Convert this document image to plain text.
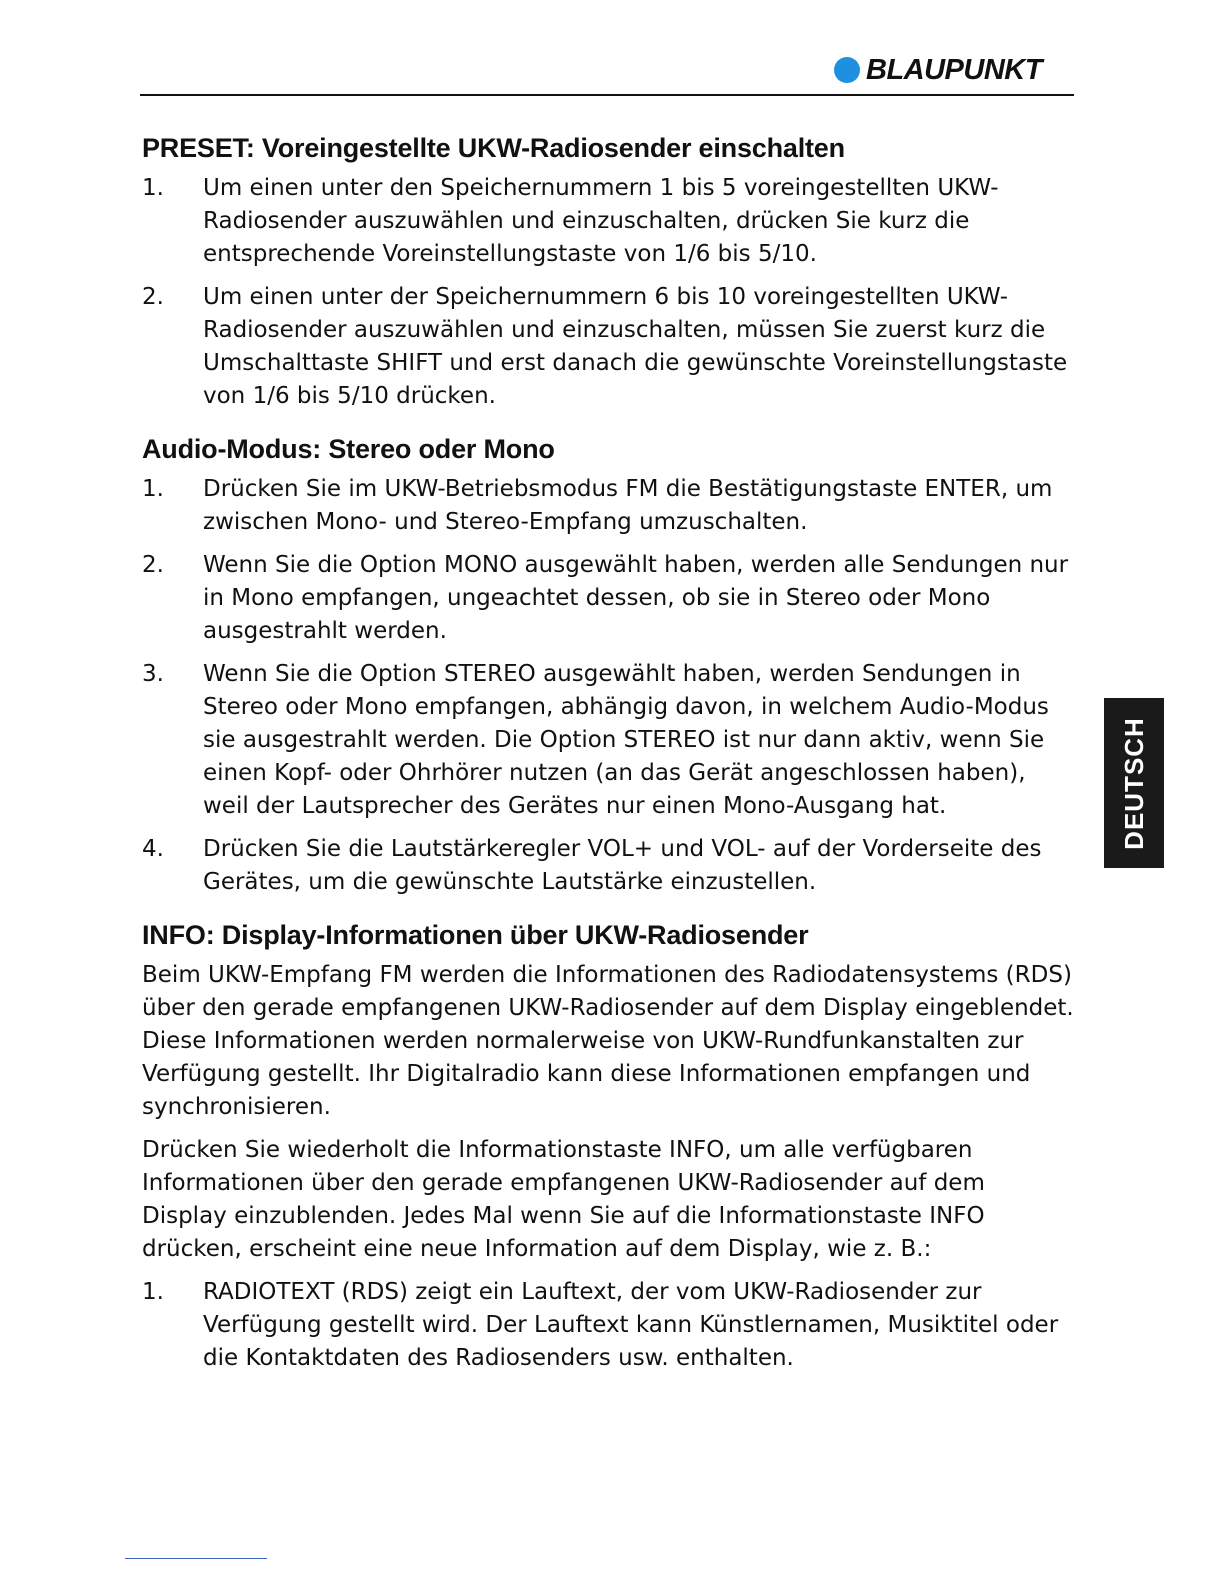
BLAUPUNKT
PRESET: Voreingestellte UKW-Radiosender einschalten
1.	Um einen unter den Speichernummern 1 bis 5 voreingestellten UKW-Radiosender auszuwählen und einzuschalten, drücken Sie kurz die entsprechende Voreinstellungstaste von 1/6 bis 5/10.
2.	Um einen unter der Speichernummern 6 bis 10 voreingestellten UKW-Radiosender auszuwählen und einzuschalten, müssen Sie zuerst kurz die Umschalttaste SHIFT und erst danach die gewünschte Voreinstellungstaste von 1/6 bis 5/10 drücken.
Audio-Modus: Stereo oder Mono
1.	Drücken Sie im UKW-Betriebsmodus FM die Bestätigungstaste ENTER, um zwischen Mono- und Stereo-Empfang umzuschalten.
2.	Wenn Sie die Option MONO ausgewählt haben, werden alle Sendungen nur in Mono empfangen, ungeachtet dessen, ob sie in Stereo oder Mono ausgestrahlt werden.
3.	Wenn Sie die Option STEREO ausgewählt haben, werden Sendungen in Stereo oder Mono empfangen, abhängig davon, in welchem Audio-Modus sie ausgestrahlt werden. Die Option STEREO ist nur dann aktiv, wenn Sie einen Kopf- oder Ohrhörer nutzen (an das Gerät angeschlossen haben), weil der Lautsprecher des Gerätes nur einen Mono-Ausgang hat.
4.	Drücken Sie die Lautstärkeregler VOL+ und VOL- auf der Vorderseite des Gerätes, um die gewünschte Lautstärke einzustellen.
INFO: Display-Informationen über UKW-Radiosender

Beim UKW-Empfang FM werden die Informationen des Radiodatensystems (RDS) über den gerade empfangenen UKW-Radiosender auf dem Display eingeblendet. Diese Informationen werden normalerweise von UKW-Rundfunkanstalten zur Verfügung gestellt. Ihr Digitalradio kann diese Informationen empfangen und synchronisieren.

Drücken Sie wiederholt die Informationstaste INFO, um alle verfügbaren Informationen über den gerade empfangenen UKW-Radiosender auf dem Display einzublenden. Jedes Mal wenn Sie auf die Informationstaste INFO drücken, erscheint eine neue Information auf dem Display, wie z. B.:

1.	RADIOTEXT (RDS) zeigt ein Lauftext, der vom UKW-Radiosender zur Verfügung gestellt wird. Der Lauftext kann Künstlernamen, Musiktitel oder die Kontaktdaten des Radiosenders usw. enthalten.
DEUTSCH
